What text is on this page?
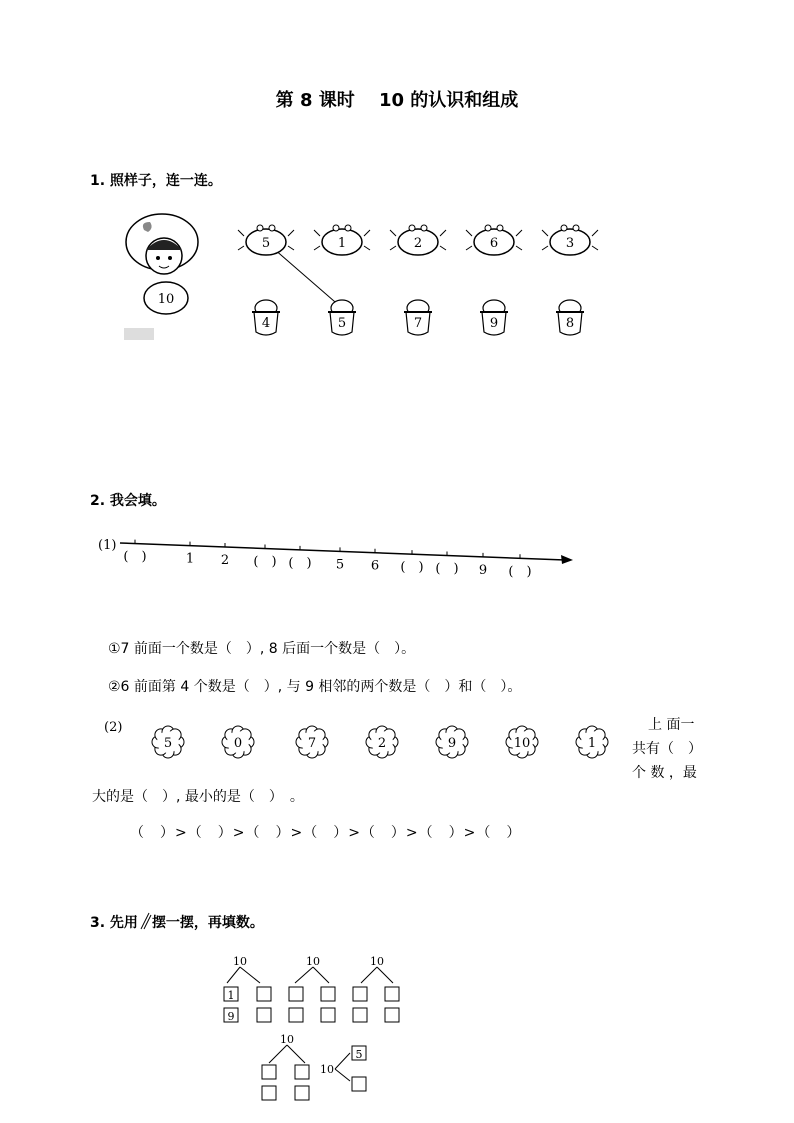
第 8 课时　 10 的认识和组成
1. 照样子，连一连。
10
5	1	2	6	3
4	5	7	9	8
2. 我会填。
(1)
(　)	1 2 (　) (　) 5 6 (　) (　) 9 (　)
①7 前面一个数是（　）, 8 后面一个数是（　）。
②6 前面第 4 个数是（　）, 与 9 相邻的两个数是（　）和（　）。
(2)
5	0	7	2	9	10	1
上 面一
共有（　）
个 数 ，最
大的是（　）, 最小的是（　）　。
（　）>（　）>（　）>（　）>（　）>（　）>（　）
3. 先用 摆一摆，再填数。
10	10	10
10
10
1
9
5
